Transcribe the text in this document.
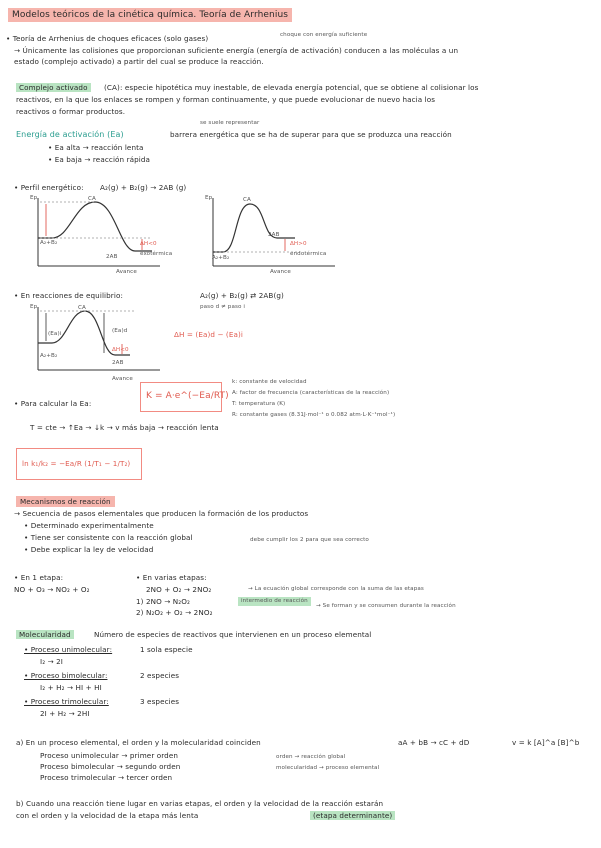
Modelos teóricos de la cinética química. Teoría de Arrhenius
• Teoría de Arrhenius de choques eficaces (solo gases)	choque con energía suficiente
→ Únicamente las colisiones que proporcionan suficiente energía (energía de activación) conducen a las moléculas a un
estado (complejo activado) a partir del cual se produce la reacción.
Complejo activado	(CA): especie hipotética muy inestable, de elevada energía potencial, que se obtiene al colisionar los
reactivos, en la que los enlaces se rompen y forman continuamente, y que puede evolucionar de nuevo hacia los
reactivos o formar productos.
se suele representar
Energía de activación (Ea)	barrera energética que se ha de superar para que se produzca una reacción
• Ea alta → reacción lenta
• Ea baja → reacción rápida
• Perfil energético: A₂(g) + B₂(g) → 2AB (g)
Ep	CA
A₂+B₂
2AB
Avance
ΔH<0
exotérmica
Ep	CA
A₂+B₂
2AB
Avance
ΔH>0
endotérmica
• En reacciones de equilibrio:	A₂(g) + B₂(g) ⇄ 2AB(g)
paso d ≠ paso i
Ep	CA
A₂+B₂
2AB
Avance
(Ea)d
(Ea)i
ΔH<0
ΔH = (Ea)d − (Ea)i
• Para calcular la Ea:
K = A·e^(−Ea/RT)
k: constante de velocidad
A: factor de frecuencia (características de la reacción)
T: temperatura (K)
R: constante gases (8.31J·mol⁻¹ o 0.082 atm·L·K⁻¹mol⁻¹)
T = cte → ↑Ea → ↓k → v más baja → reacción lenta
ln k₁/k₂ = −Ea/R (1/T₁ − 1/T₂)
Mecanismos de reacción
→ Secuencia de pasos elementales que producen la formación de los productos
• Determinado experimentalmente
• Tiene ser consistente con la reacción global
• Debe explicar la ley de velocidad
debe cumplir los 2 para que sea correcto
• En 1 etapa:
NO + O₃ → NO₂ + O₂
• En varias etapas:
2NO + O₂ → 2NO₂
1) 2NO → N₂O₂
2) N₂O₂ + O₂ → 2NO₂
intermedio de reacción
→ La ecuación global corresponde con la suma de las etapas
→ Se forman y se consumen durante la reacción
Molecularidad	Número de especies de reactivos que intervienen en un proceso elemental
• Proceso unimolecular:	1 sola especie
I₂ → 2I
• Proceso bimolecular:	2 especies
I₂ + H₂ → HI + HI
• Proceso trimolecular:	3 especies
2I + H₂ → 2HI
a) En un proceso elemental, el orden y la molecularidad coinciden	aA + bB → cC + dD	v = k [A]^a [B]^b
Proceso unimolecular → primer orden
Proceso bimolecular → segundo orden
Proceso trimolecular → tercer orden
orden → reacción global
molecularidad → proceso elemental
b) Cuando una reacción tiene lugar en varias etapas, el orden y la velocidad de la reacción estarán
con el orden y la velocidad de la etapa más lenta	(etapa determinante)
